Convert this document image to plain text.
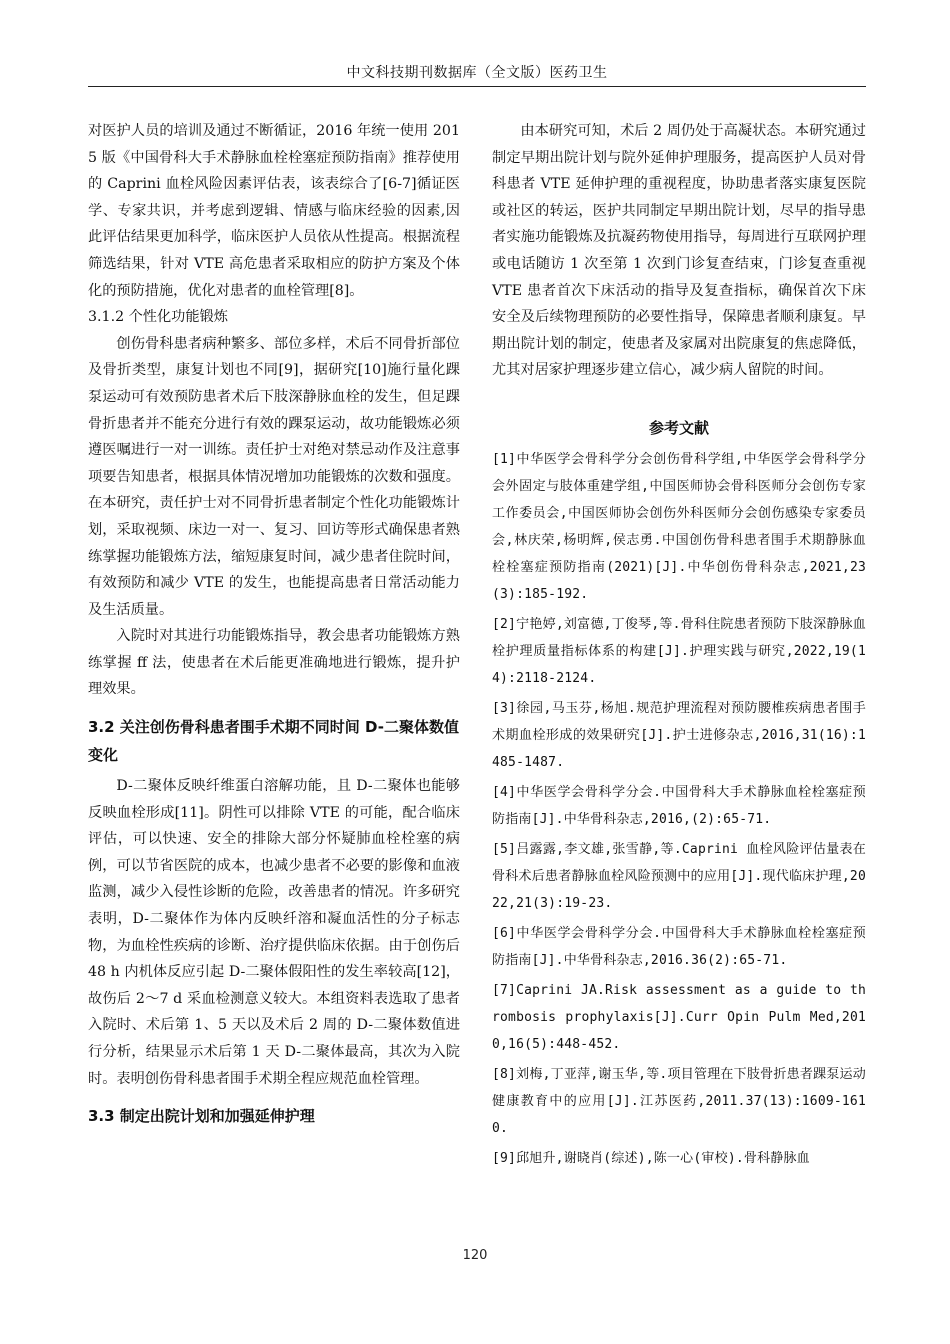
中文科技期刊数据库（全文版）医药卫生

对医护人员的培训及通过不断循证，2016 年统一使用 2015 版《中国骨科大手术静脉血栓栓塞症预防指南》推荐使用的 Caprini 血栓风险因素评估表，该表综合了[6-7]循证医学、专家共识，并考虑到逻辑、情感与临床经验的因素,因此评估结果更加科学，临床医护人员依从性提高。根据流程筛选结果，针对 VTE 高危患者采取相应的防护方案及个体化的预防措施，优化对患者的血栓管理[8]。

3.1.2 个性化功能锻炼

创伤骨科患者病种繁多、部位多样，术后不同骨折部位及骨折类型，康复计划也不同[9]，据研究[10]施行量化踝泵运动可有效预防患者术后下肢深静脉血栓的发生，但足踝骨折患者并不能充分进行有效的踝泵运动，故功能锻炼必须遵医嘱进行一对一训练。责任护士对绝对禁忌动作及注意事项要告知患者，根据具体情况增加功能锻炼的次数和强度。在本研究，责任护士对不同骨折患者制定个性化功能锻炼计划，采取视频、床边一对一、复习、回访等形式确保患者熟练掌握功能锻炼方法，缩短康复时间，减少患者住院时间，有效预防和减少 VTE 的发生，也能提高患者日常活动能力及生活质量。

入院时对其进行功能锻炼指导，教会患者功能锻炼方熟练掌握 ff 法，使患者在术后能更准确地进行锻炼，提升护理效果。

3.2 关注创伤骨科患者围手术期不同时间 D-二聚体数值变化

D-二聚体反映纤维蛋白溶解功能，且 D-二聚体也能够反映血栓形成[11]。阴性可以排除 VTE 的可能，配合临床评估，可以快速、安全的排除大部分怀疑肺血栓栓塞的病例，可以节省医院的成本，也减少患者不必要的影像和血液监测，减少入侵性诊断的危险，改善患者的情况。许多研究表明，D-二聚体作为体内反映纤溶和凝血活性的分子标志物，为血栓性疾病的诊断、治疗提供临床依据。由于创伤后 48 h 内机体反应引起 D-二聚体假阳性的发生率较高[12]，故伤后 2～7 d 采血检测意义较大。本组资料表选取了患者入院时、术后第 1、5 天以及术后 2 周的 D-二聚体数值进行分析，结果显示术后第 1 天 D-二聚体最高，其次为入院时。表明创伤骨科患者围手术期全程应规范血栓管理。

3.3 制定出院计划和加强延伸护理

由本研究可知，术后 2 周仍处于高凝状态。本研究通过制定早期出院计划与院外延伸护理服务，提高医护人员对骨科患者 VTE 延伸护理的重视程度，协助患者落实康复医院或社区的转运，医护共同制定早期出院计划，尽早的指导患者实施功能锻炼及抗凝药物使用指导，每周进行互联网护理或电话随访 1 次至第 1 次到门诊复查结束，门诊复查重视 VTE 患者首次下床活动的指导及复查指标，确保首次下床安全及后续物理预防的必要性指导，保障患者顺利康复。早期出院计划的制定，使患者及家属对出院康复的焦虑降低，尤其对居家护理逐步建立信心，减少病人留院的时间。

参考文献

[1]中华医学会骨科学分会创伤骨科学组,中华医学会骨科学分会外固定与肢体重建学组,中国医师协会骨科医师分会创伤专家工作委员会,中国医师协会创伤外科医师分会创伤感染专家委员会,林庆荣,杨明辉,侯志勇.中国创伤骨科患者围手术期静脉血栓栓塞症预防指南(2021)[J].中华创伤骨科杂志,2021,23(3):185-192.

[2]宁艳婷,刘富德,丁俊琴,等.骨科住院患者预防下肢深静脉血栓护理质量指标体系的构建[J].护理实践与研究,2022,19(14):2118-2124.

[3]徐园,马玉芬,杨旭.规范护理流程对预防腰椎疾病患者围手术期血栓形成的效果研究[J].护士进修杂志,2016,31(16):1485-1487.

[4]中华医学会骨科学分会.中国骨科大手术静脉血栓栓塞症预防指南[J].中华骨科杂志,2016,(2):65-71.

[5]吕露露,李文雄,张雪静,等.Caprini 血栓风险评估量表在骨科术后患者静脉血栓风险预测中的应用[J].现代临床护理,2022,21(3):19-23.

[6]中华医学会骨科学分会.中国骨科大手术静脉血栓栓塞症预防指南[J].中华骨科杂志,2016.36(2):65-71.

[7]Caprini JA.Risk assessment as a guide to thrombosis prophylaxis[J].Curr Opin Pulm Med,2010,16(5):448-452.

[8]刘梅,丁亚萍,谢玉华,等.项目管理在下肢骨折患者踝泵运动健康教育中的应用[J].江苏医药,2011.37(13):1609-1610.

[9]邱旭升,谢晓肖(综述),陈一心(审校).骨科静脉血

120
